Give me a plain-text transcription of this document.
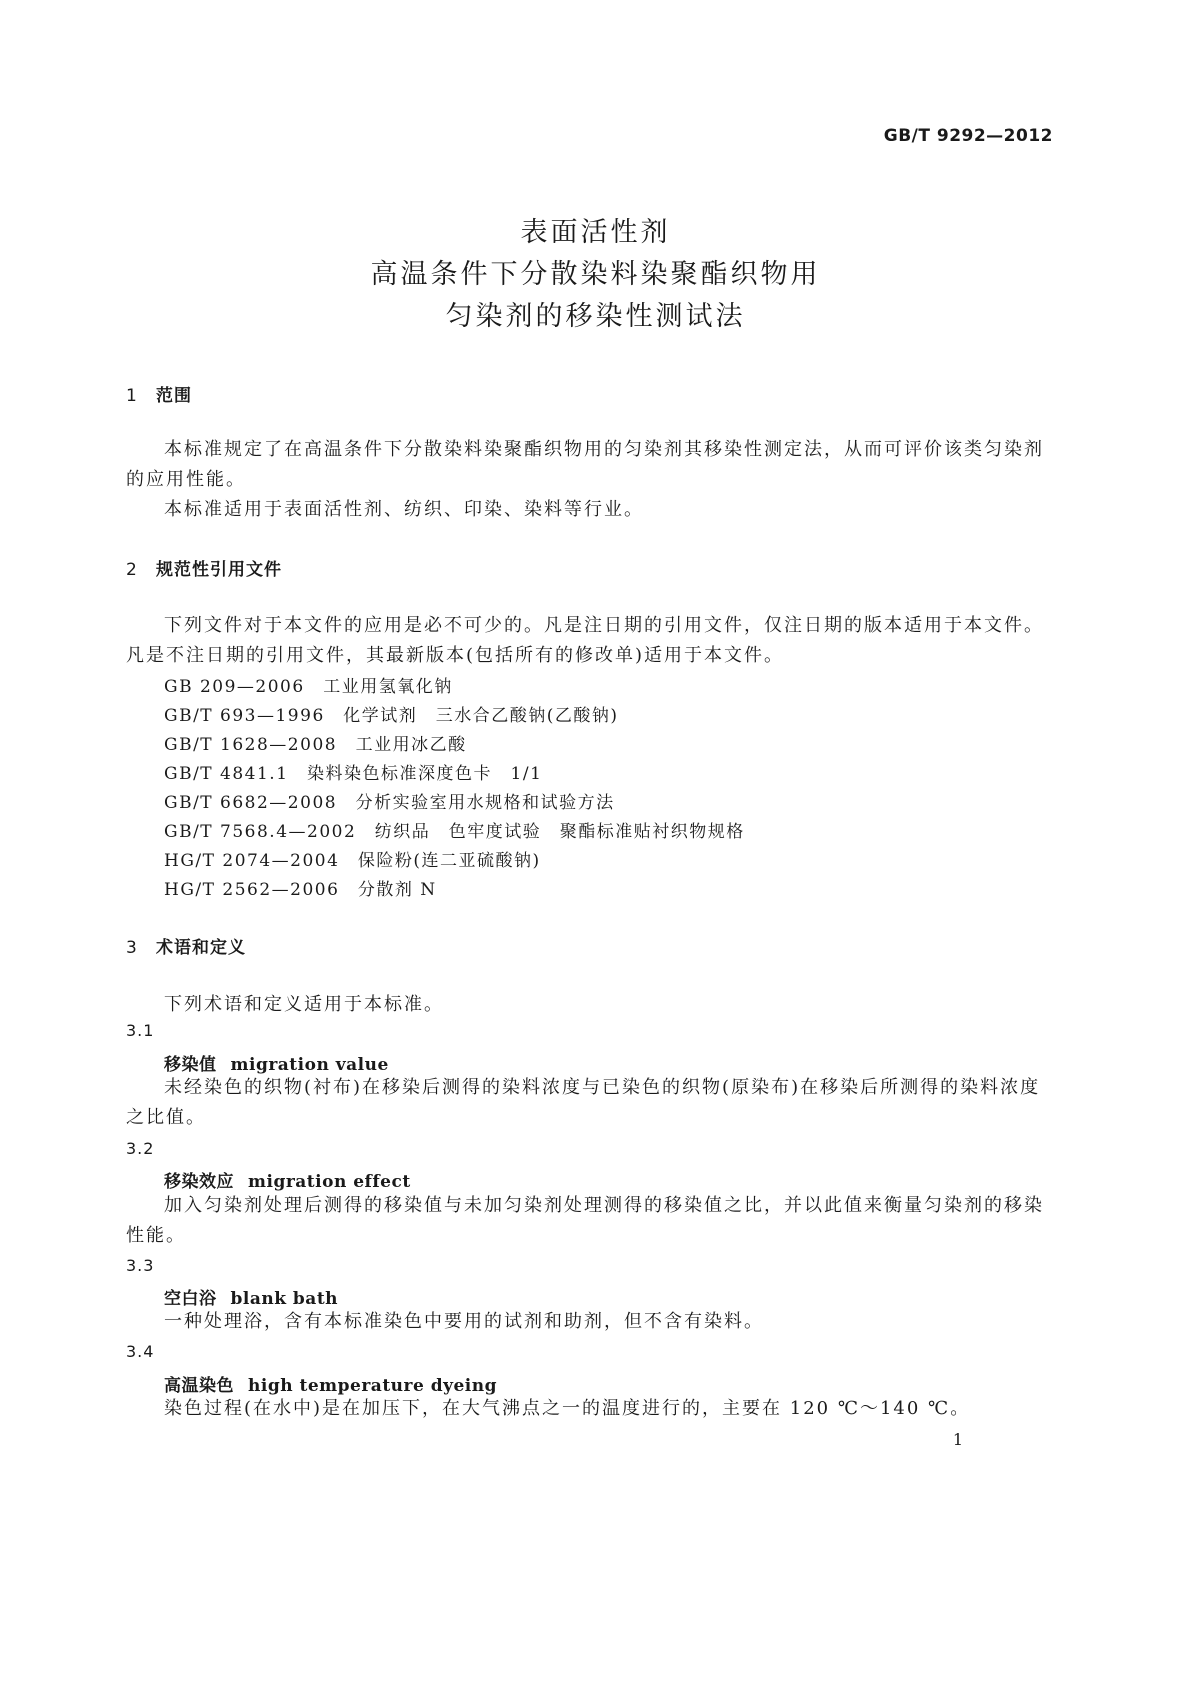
GB/T 9292—2012
表面活性剂
高温条件下分散染料染聚酯织物用
匀染剂的移染性测试法
1 范围
本标准规定了在高温条件下分散染料染聚酯织物用的匀染剂其移染性测定法，从而可评价该类匀染剂的应用性能。
本标准适用于表面活性剂、纺织、印染、染料等行业。
2 规范性引用文件
下列文件对于本文件的应用是必不可少的。凡是注日期的引用文件，仅注日期的版本适用于本文件。凡是不注日期的引用文件，其最新版本(包括所有的修改单)适用于本文件。
GB 209—2006　工业用氢氧化钠
GB/T 693—1996　化学试剂　三水合乙酸钠(乙酸钠)
GB/T 1628—2008　工业用冰乙酸
GB/T 4841.1　染料染色标准深度色卡　1/1
GB/T 6682—2008　分析实验室用水规格和试验方法
GB/T 7568.4—2002　纺织品　色牢度试验　聚酯标准贴衬织物规格
HG/T 2074—2004　保险粉(连二亚硫酸钠)
HG/T 2562—2006　分散剂 N
3 术语和定义
下列术语和定义适用于本标准。
3.1
移染值 migration value
未经染色的织物(衬布)在移染后测得的染料浓度与已染色的织物(原染布)在移染后所测得的染料浓度之比值。
3.2
移染效应 migration effect
加入匀染剂处理后测得的移染值与未加匀染剂处理测得的移染值之比，并以此值来衡量匀染剂的移染性能。
3.3
空白浴 blank bath
一种处理浴，含有本标准染色中要用的试剂和助剂，但不含有染料。
3.4
高温染色 high temperature dyeing
染色过程(在水中)是在加压下，在大气沸点之一的温度进行的，主要在 120 ℃～140 ℃。
1
